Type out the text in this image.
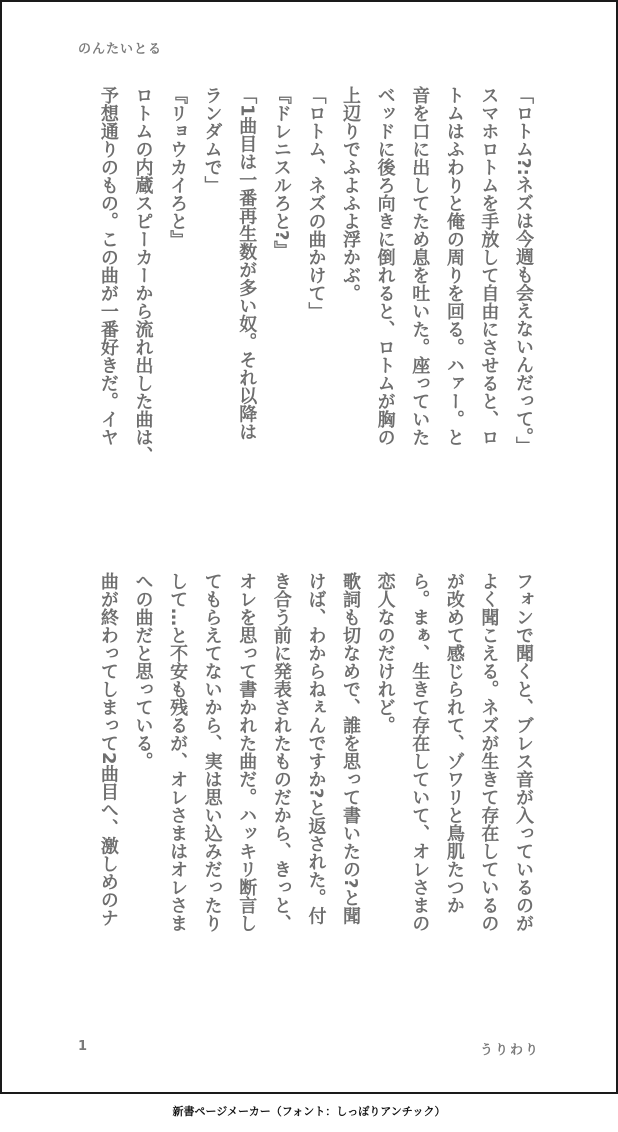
のんたいとる
「ロトム?:ネズは今週も会えないんだって。」
スマホロトムを手放して自由にさせると、ロ
トムはふわりと俺の周りを回る。ハァー。と
音を口に出してため息を吐いた。座っていた
ベッドに後ろ向きに倒れると、ロトムが胸の
上辺りでふよふよ浮かぶ。
「ロトム、ネズの曲かけて」
『ドレニスルろと?』
「1曲目は一番再生数が多い奴。それ以降は
ランダムで」
『リョウカイろと』
ロトムの内蔵スピーカーから流れ出した曲は、
予想通りのもの。この曲が一番好きだ。イヤ
フォンで聞くと、ブレス音が入っているのが
よく聞こえる。ネズが生きて存在しているの
が改めて感じられて、ゾワリと鳥肌たつか
ら。まぁ、生きて存在していて、オレさまの
恋人なのだけれど。
歌詞も切なめで、誰を思って書いたの?と聞
けば、わからねぇんですか?と返された。付
き合う前に発表されたものだから、きっと、
オレを思って書かれた曲だ。ハッキリ断言し
てもらえてないから、実は思い込みだったり
して…と不安も残るが、オレさまはオレさま
への曲だと思っている。
曲が終わってしまって2曲目へ、激しめのナ
1	うりわり
新書ページメーカー（フォント：しっぽりアンチック）
